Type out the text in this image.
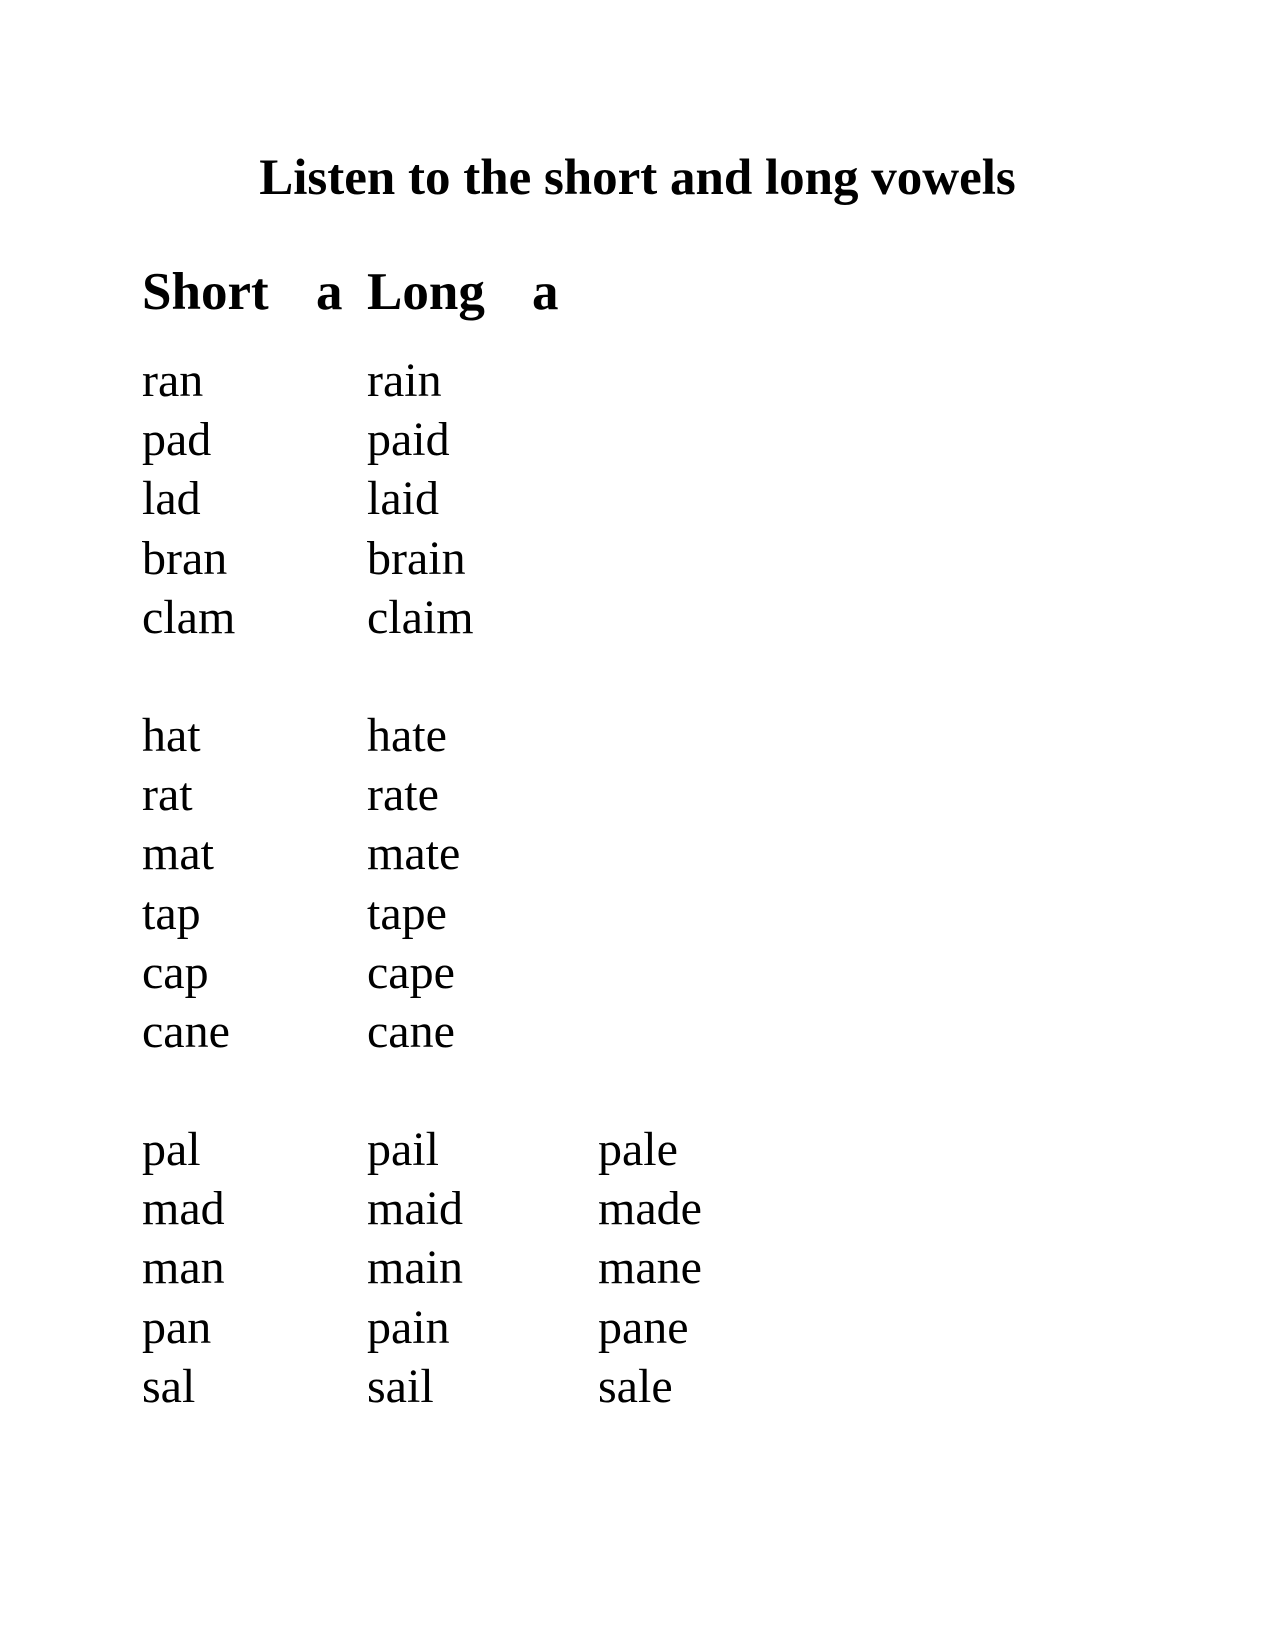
Listen to the short and long vowels
Short a Long a
ran	rain
pad	paid
lad	laid
bran	brain
clam	claim
hat	hate
rat	rate
mat	mate
tap	tape
cap	cape
cane	cane
pal	pail	pale
mad	maid	made
man	main	mane
pan	pain	pane
sal	sail	sale
